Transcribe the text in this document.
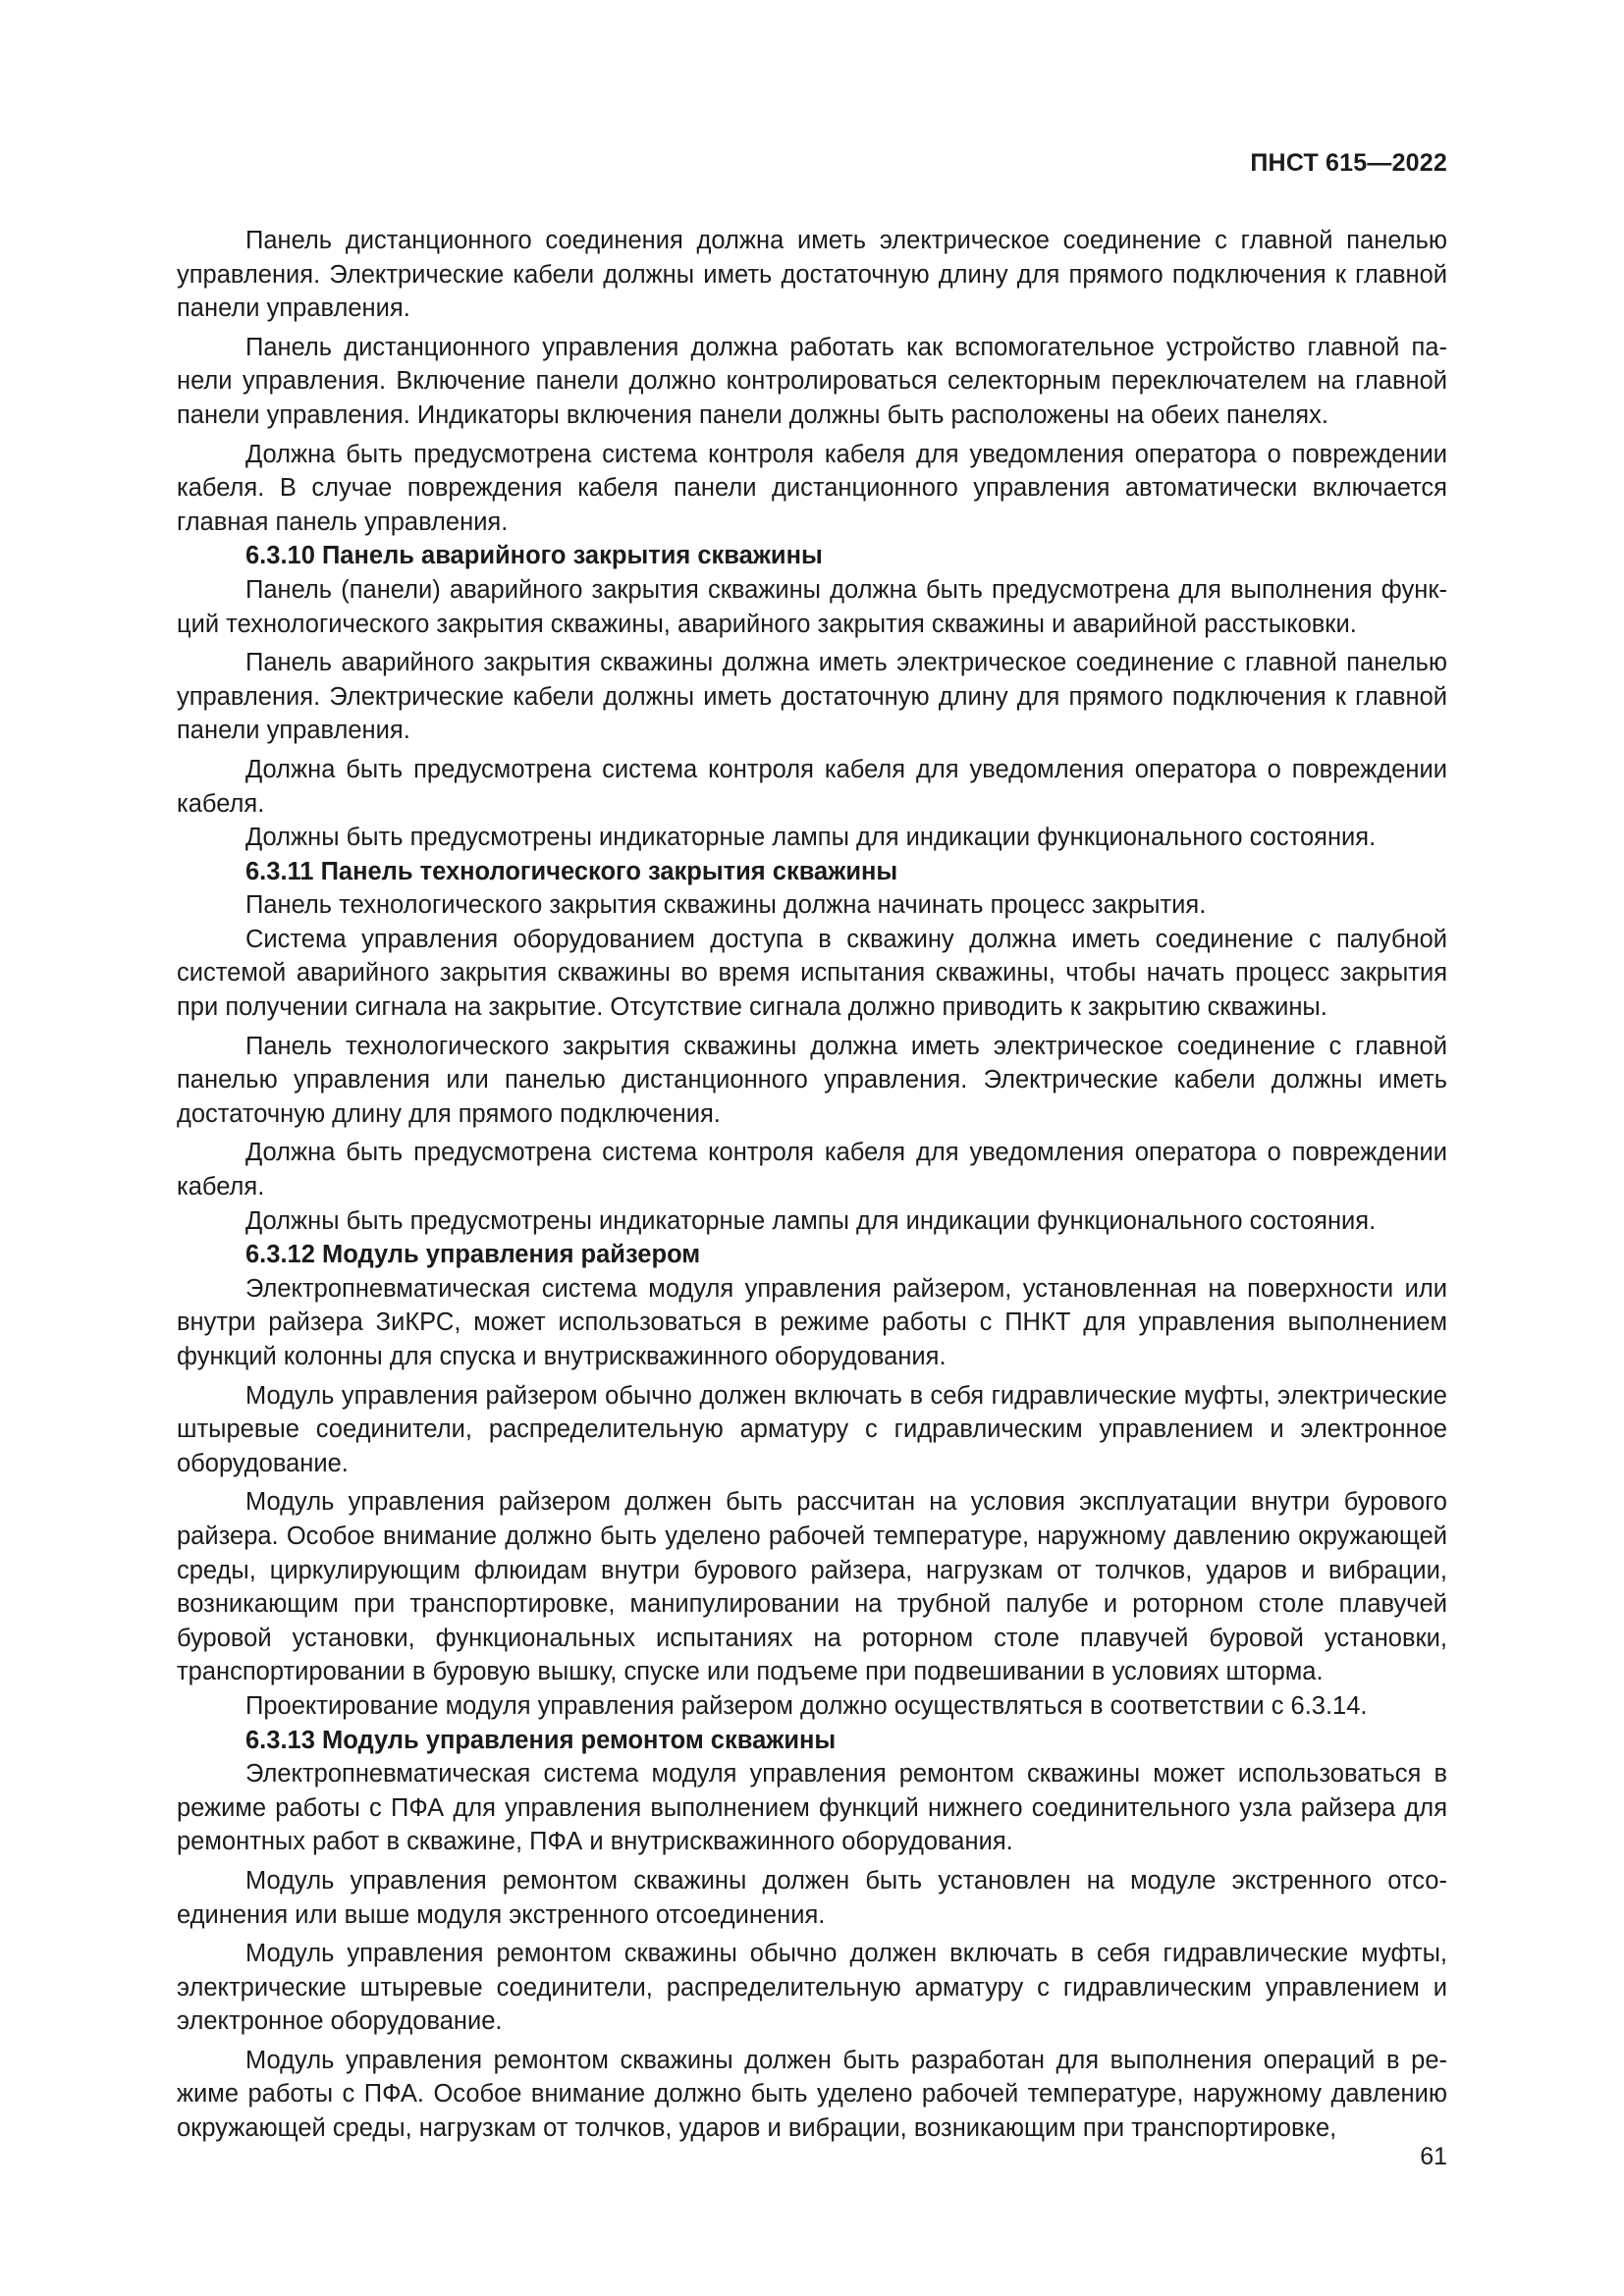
ПНСТ 615—2022

Панель дистанционного соединения должна иметь электрическое соединение с главной панелью управления. Электрические кабели должны иметь достаточную длину для прямого подключения к главной панели управления.

Панель дистанционного управления должна работать как вспомогательное устройство главной панели управления. Включение панели должно контролироваться селекторным переключателем на главной панели управления. Индикаторы включения панели должны быть расположены на обеих панелях.

Должна быть предусмотрена система контроля кабеля для уведомления оператора о повреждении кабеля. В случае повреждения кабеля панели дистанционного управления автоматически включается главная панель управления.

6.3.10 Панель аварийного закрытия скважины

Панель (панели) аварийного закрытия скважины должна быть предусмотрена для выполнения функций технологического закрытия скважины, аварийного закрытия скважины и аварийной расстыковки.

Панель аварийного закрытия скважины должна иметь электрическое соединение с главной панелью управления. Электрические кабели должны иметь достаточную длину для прямого подключения к главной панели управления.

Должна быть предусмотрена система контроля кабеля для уведомления оператора о повреждении кабеля.

Должны быть предусмотрены индикаторные лампы для индикации функционального состояния.

6.3.11 Панель технологического закрытия скважины

Панель технологического закрытия скважины должна начинать процесс закрытия.

Система управления оборудованием доступа в скважину должна иметь соединение с палубной системой аварийного закрытия скважины во время испытания скважины, чтобы начать процесс закрытия при получении сигнала на закрытие. Отсутствие сигнала должно приводить к закрытию скважины.

Панель технологического закрытия скважины должна иметь электрическое соединение с главной панелью управления или панелью дистанционного управления. Электрические кабели должны иметь достаточную длину для прямого подключения.

Должна быть предусмотрена система контроля кабеля для уведомления оператора о повреждении кабеля.

Должны быть предусмотрены индикаторные лампы для индикации функционального состояния.

6.3.12 Модуль управления райзером

Электропневматическая система модуля управления райзером, установленная на поверхности или внутри райзера ЗиКРС, может использоваться в режиме работы с ПНКТ для управления выполнением функций колонны для спуска и внутрискважинного оборудования.

Модуль управления райзером обычно должен включать в себя гидравлические муфты, электрические штыревые соединители, распределительную арматуру с гидравлическим управлением и электронное оборудование.

Модуль управления райзером должен быть рассчитан на условия эксплуатации внутри бурового райзера. Особое внимание должно быть уделено рабочей температуре, наружному давлению окружающей среды, циркулирующим флюидам внутри бурового райзера, нагрузкам от толчков, ударов и вибрации, возникающим при транспортировке, манипулировании на трубной палубе и роторном столе плавучей буровой установки, функциональных испытаниях на роторном столе плавучей буровой установки, транспортировании в буровую вышку, спуске или подъеме при подвешивании в условиях шторма.

Проектирование модуля управления райзером должно осуществляться в соответствии с 6.3.14.

6.3.13 Модуль управления ремонтом скважины

Электропневматическая система модуля управления ремонтом скважины может использоваться в режиме работы с ПФА для управления выполнением функций нижнего соединительного узла райзера для ремонтных работ в скважине, ПФА и внутрискважинного оборудования.

Модуль управления ремонтом скважины должен быть установлен на модуле экстренного отсоединения или выше модуля экстренного отсоединения.

Модуль управления ремонтом скважины обычно должен включать в себя гидравлические муфты, электрические штыревые соединители, распределительную арматуру с гидравлическим управлением и электронное оборудование.

Модуль управления ремонтом скважины должен быть разработан для выполнения операций в режиме работы с ПФА. Особое внимание должно быть уделено рабочей температуре, наружному давлению окружающей среды, нагрузкам от толчков, ударов и вибрации, возникающим при транспортировке,

61
